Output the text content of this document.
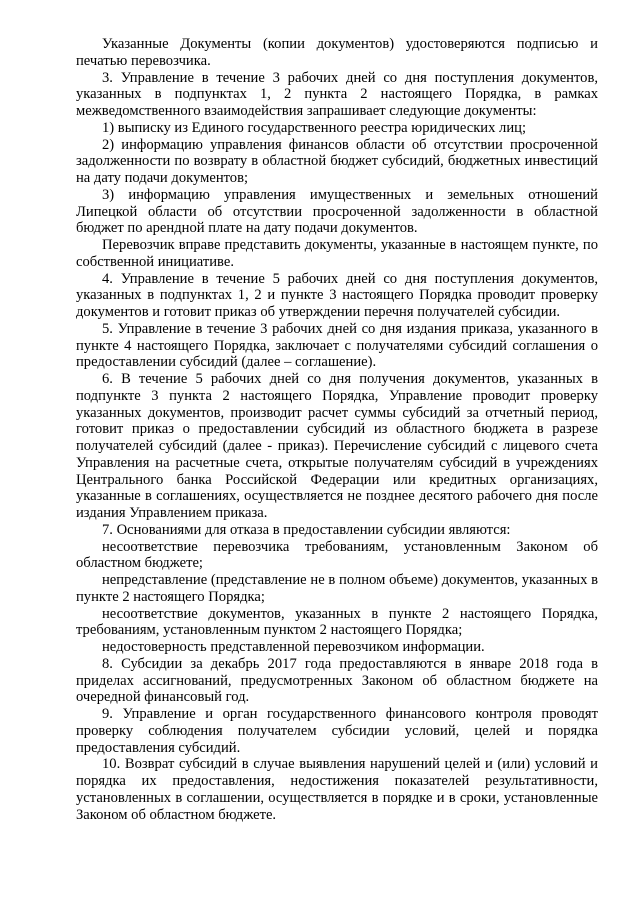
Указанные Документы (копии документов) удостоверяются подписью и печатью перевозчика.

3. Управление в течение 3 рабочих дней со дня поступления документов, указанных в подпунктах 1, 2 пункта 2 настоящего Порядка, в рамках межведомственного взаимодействия запрашивает следующие документы:

1) выписку из Единого государственного реестра юридических лиц;

2) информацию управления финансов области об отсутствии просроченной задолженности по возврату в областной бюджет субсидий, бюджетных инвестиций на дату подачи документов;

3) информацию управления имущественных и земельных отношений Липецкой области об отсутствии просроченной задолженности в областной бюджет по арендной плате на дату подачи документов.

Перевозчик вправе представить документы, указанные в настоящем пункте, по собственной инициативе.

4. Управление в течение 5 рабочих дней со дня поступления документов, указанных в подпунктах 1, 2 и пункте 3 настоящего Порядка проводит проверку документов и готовит приказ об утверждении перечня получателей субсидии.

5. Управление в течение 3 рабочих дней со дня издания приказа, указанного в пункте 4 настоящего Порядка, заключает с получателями субсидий соглашения о предоставлении субсидий (далее – соглашение).

6. В течение 5 рабочих дней со дня получения документов, указанных в подпункте 3 пункта 2 настоящего Порядка, Управление проводит проверку указанных документов, производит расчет суммы субсидий за отчетный период, готовит приказ о предоставлении субсидий из областного бюджета в разрезе получателей субсидий (далее - приказ). Перечисление субсидий с лицевого счета Управления на расчетные счета, открытые получателям субсидий в учреждениях Центрального банка Российской Федерации или кредитных организациях, указанные в соглашениях, осуществляется не позднее десятого рабочего дня после издания Управлением приказа.

7. Основаниями для отказа в предоставлении субсидии являются:

несоответствие перевозчика требованиям, установленным Законом об областном бюджете;

непредставление (представление не в полном объеме) документов, указанных в пункте 2 настоящего Порядка;

несоответствие документов, указанных в пункте 2 настоящего Порядка, требованиям, установленным пунктом 2 настоящего Порядка;

недостоверность представленной перевозчиком информации.

8. Субсидии за декабрь 2017 года предоставляются в январе 2018 года в приделах ассигнований, предусмотренных Законом об областном бюджете на очередной финансовый год.

9. Управление и орган государственного финансового контроля проводят проверку соблюдения получателем субсидии условий, целей и порядка предоставления субсидий.

10. Возврат субсидий в случае выявления нарушений целей и (или) условий и порядка их предоставления, недостижения показателей результативности, установленных в соглашении, осуществляется в порядке и в сроки, установленные Законом об областном бюджете.
